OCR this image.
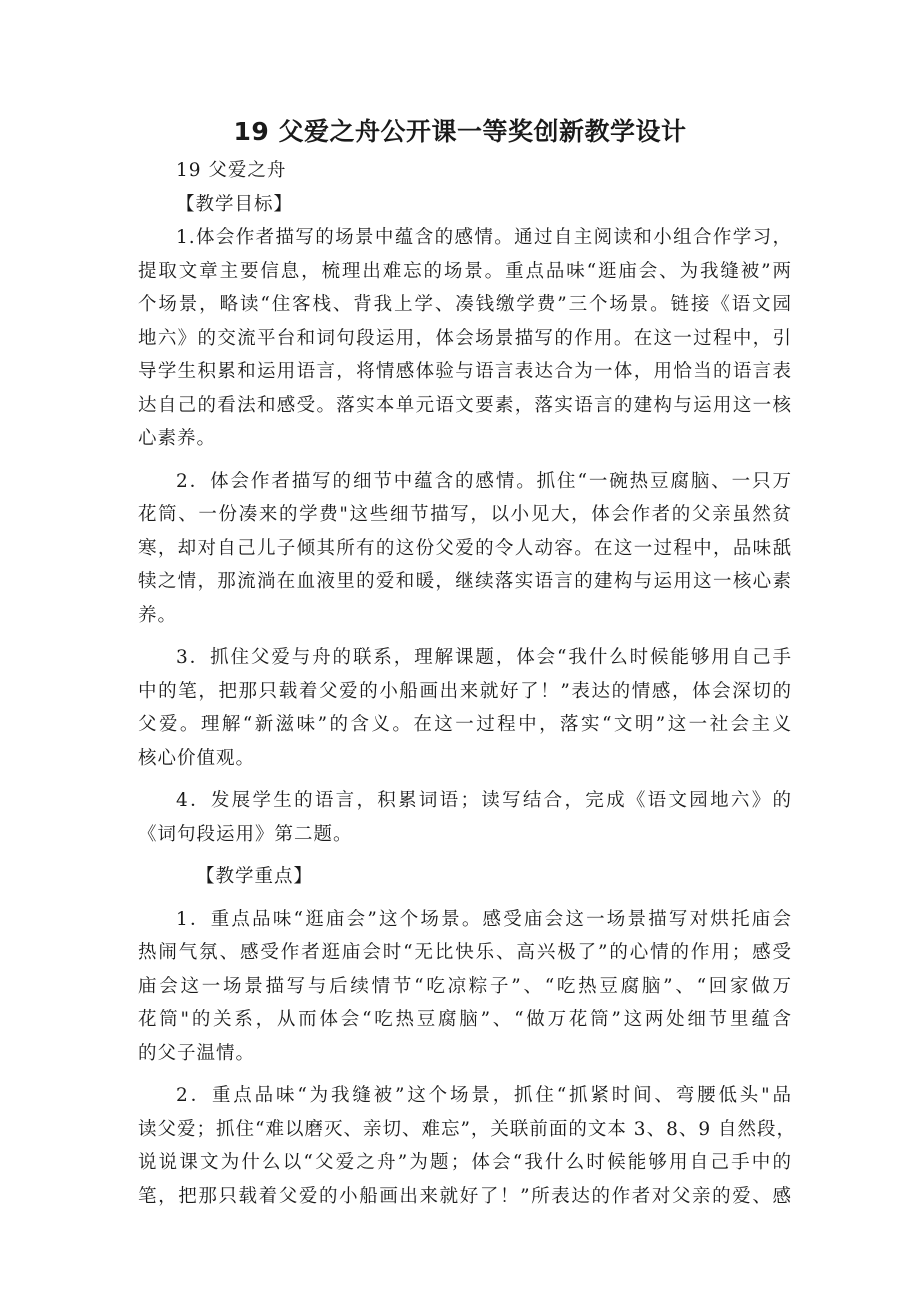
19 父爱之舟公开课一等奖创新教学设计
19 父爱之舟
【教学目标】
1.体会作者描写的场景中蕴含的感情。通过自主阅读和小组合作学习，
提取文章主要信息，梳理出难忘的场景。重点品味“逛庙会、为我缝被”两
个场景，略读“住客栈、背我上学、凑钱缴学费”三个场景。链接《语文园
地六》的交流平台和词句段运用，体会场景描写的作用。在这一过程中，引
导学生积累和运用语言，将情感体验与语言表达合为一体，用恰当的语言表
达自己的看法和感受。落实本单元语文要素，落实语言的建构与运用这一核
心素养。
2．体会作者描写的细节中蕴含的感情。抓住“一碗热豆腐脑、一只万
花筒、一份凑来的学费"这些细节描写，以小见大，体会作者的父亲虽然贫
寒，却对自己儿子倾其所有的这份父爱的令人动容。在这一过程中，品味舐
犊之情，那流淌在血液里的爱和暖，继续落实语言的建构与运用这一核心素
养。
3．抓住父爱与舟的联系，理解课题，体会“我什么时候能够用自己手
中的笔，把那只载着父爱的小船画出来就好了！”表达的情感，体会深切的
父爱。理解“新滋味”的含义。在这一过程中，落实“文明”这一社会主义
核心价值观。
4．发展学生的语言，积累词语；读写结合，完成《语文园地六》的
《词句段运用》第二题。
【教学重点】
1．重点品味“逛庙会”这个场景。感受庙会这一场景描写对烘托庙会
热闹气氛、感受作者逛庙会时“无比快乐、高兴极了”的心情的作用；感受
庙会这一场景描写与后续情节“吃凉粽子”、“吃热豆腐脑”、“回家做万
花筒"的关系，从而体会“吃热豆腐脑”、“做万花筒”这两处细节里蕴含
的父子温情。
2．重点品味“为我缝被”这个场景，抓住“抓紧时间、弯腰低头"品
读父爱；抓住“难以磨灭、亲切、难忘”，关联前面的文本 3、8、9 自然段，
说说课文为什么以“父爱之舟”为题；体会“我什么时候能够用自己手中的
笔，把那只载着父爱的小船画出来就好了！”所表达的作者对父亲的爱、感
